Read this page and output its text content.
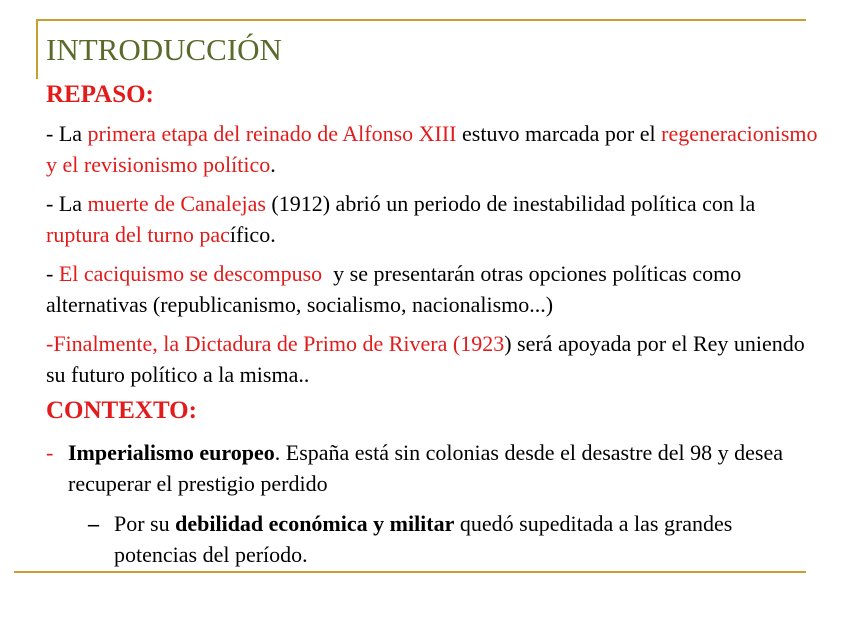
INTRODUCCIÓN
REPASO:
- La primera etapa del reinado de Alfonso XIII estuvo marcada por el regeneracionismo y el revisionismo político.
- La muerte de Canalejas (1912) abrió un periodo de inestabilidad política con la ruptura del turno pacífico.
- El caciquismo se descompuso  y se presentarán otras opciones políticas como alternativas (republicanismo, socialismo, nacionalismo...)
-Finalmente, la Dictadura de Primo de Rivera (1923) será apoyada por el Rey uniendo su futuro político a la misma..
CONTEXTO:
- Imperialismo europeo. España está sin colonias desde el desastre del 98 y desea recuperar el prestigio perdido
– Por su debilidad económica y militar quedó supeditada a las grandes potencias del período.
